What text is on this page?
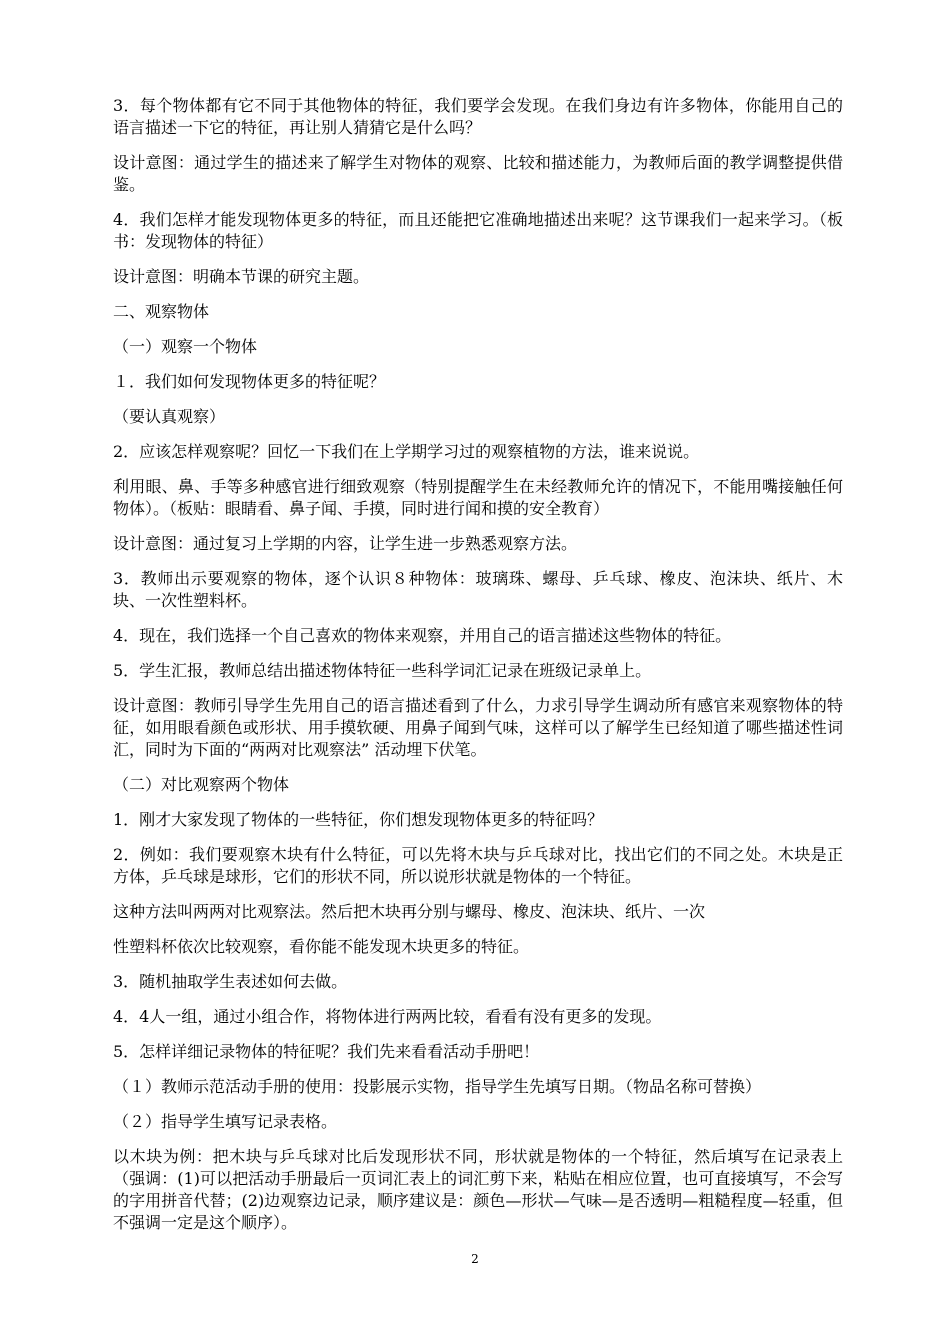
3．每个物体都有它不同于其他物体的特征，我们要学会发现。在我们身边有许多物体，你能用自己的语言描述一下它的特征，再让别人猜猜它是什么吗？

设计意图：通过学生的描述来了解学生对物体的观察、比较和描述能力，为教师后面的教学调整提供借鉴。

4．我们怎样才能发现物体更多的特征，而且还能把它准确地描述出来呢？这节课我们一起来学习。（板书：发现物体的特征）

设计意图：明确本节课的研究主题。

二、观察物体

（一）观察一个物体

１．我们如何发现物体更多的特征呢？

（要认真观察）

2．应该怎样观察呢？回忆一下我们在上学期学习过的观察植物的方法，谁来说说。

利用眼、鼻、手等多种感官进行细致观察（特别提醒学生在未经教师允许的情况下，不能用嘴接触任何物体）。（板贴：眼睛看、鼻子闻、手摸，同时进行闻和摸的安全教育）

设计意图：通过复习上学期的内容，让学生进一步熟悉观察方法。

3．教师出示要观察的物体，逐个认识８种物体：玻璃珠、螺母、乒乓球、橡皮、泡沫块、纸片、木块、一次性塑料杯。

4．现在，我们选择一个自己喜欢的物体来观察，并用自己的语言描述这些物体的特征。

5．学生汇报，教师总结出描述物体特征一些科学词汇记录在班级记录单上。

设计意图：教师引导学生先用自己的语言描述看到了什么，力求引导学生调动所有感官来观察物体的特征，如用眼看颜色或形状、用手摸软硬、用鼻子闻到气味，这样可以了解学生已经知道了哪些描述性词汇，同时为下面的“两两对比观察法” 活动埋下伏笔。

（二）对比观察两个物体

1．刚才大家发现了物体的一些特征，你们想发现物体更多的特征吗？

2．例如：我们要观察木块有什么特征，可以先将木块与乒乓球对比，找出它们的不同之处。木块是正方体，乒乓球是球形，它们的形状不同，所以说形状就是物体的一个特征。

这种方法叫两两对比观察法。然后把木块再分别与螺母、橡皮、泡沫块、纸片、一次

性塑料杯依次比较观察，看你能不能发现木块更多的特征。

3．随机抽取学生表述如何去做。

4．4人一组，通过小组合作，将物体进行两两比较，看看有没有更多的发现。

5．怎样详细记录物体的特征呢？我们先来看看活动手册吧！

（１）教师示范活动手册的使用：投影展示实物，指导学生先填写日期。（物品名称可替换）

（２）指导学生填写记录表格。

以木块为例：把木块与乒乓球对比后发现形状不同，形状就是物体的一个特征，然后填写在记录表上（强调：(1)可以把活动手册最后一页词汇表上的词汇剪下来，粘贴在相应位置，也可直接填写，不会写的字用拼音代替；(2)边观察边记录，顺序建议是：颜色—形状—气味—是否透明—粗糙程度—轻重，但不强调一定是这个顺序）。

2
